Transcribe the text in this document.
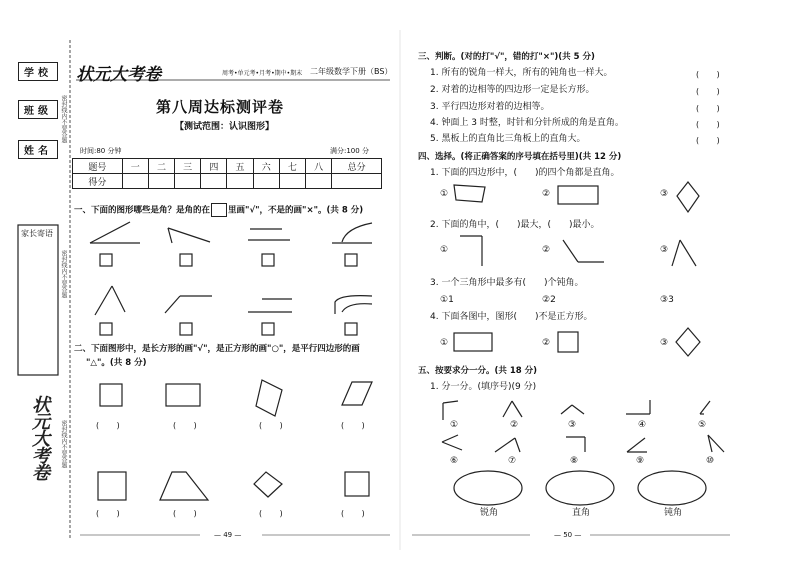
学校
班级
姓名
家长寄语
密封线内不要答题
密封线内不要答题
密封线内不要答题
状元大考卷
状元大考卷	周考•单元考•月考•期中•期末 二年级数学下册（BS）
第八周达标测评卷
【测试范围：认识图形】
时间:80 分钟	满分:100 分
题号	一	二	三	四	五	六	七	八	总分
得分									
一、下面的图形哪些是角？是角的在 里画"√"，不是的画"×"。(共 8 分)
二、下面图形中，是长方形的画"√"，是正方形的画"○"，是平行四边形的画
"△"。(共 8 分)
(　　)	(　　)	(　　)	(　　)
(　　)	(　　)	(　　)	(　　)
— 49 —
三、判断。(对的打"√"，错的打"×")(共 5 分)
1. 所有的锐角一样大，所有的钝角也一样大。
2. 对着的边相等的四边形一定是长方形。
3. 平行四边形对着的边相等。
4. 钟面上 3 时整，时针和分针所成的角是直角。
5. 黑板上的直角比三角板上的直角大。
(　　)
(　　)
(　　)
(　　)
(　　)
四、选择。(将正确答案的序号填在括号里)(共 12 分)
1. 下面的四边形中，(　　)的四个角都是直角。
①	②	③
2. 下面的角中，(　　)最大，(　　)最小。
①	②	③
3. 一个三角形中最多有(　　)个钝角。
①1	②2	③3
4. 下面各图中，图形(　　)不是正方形。
①	②	③
五、按要求分一分。(共 18 分)
1. 分一分。(填序号)(9 分)
①	②	③	④	⑤
⑥	⑦	⑧	⑨	⑩
锐角	直角	钝角
— 50 —
